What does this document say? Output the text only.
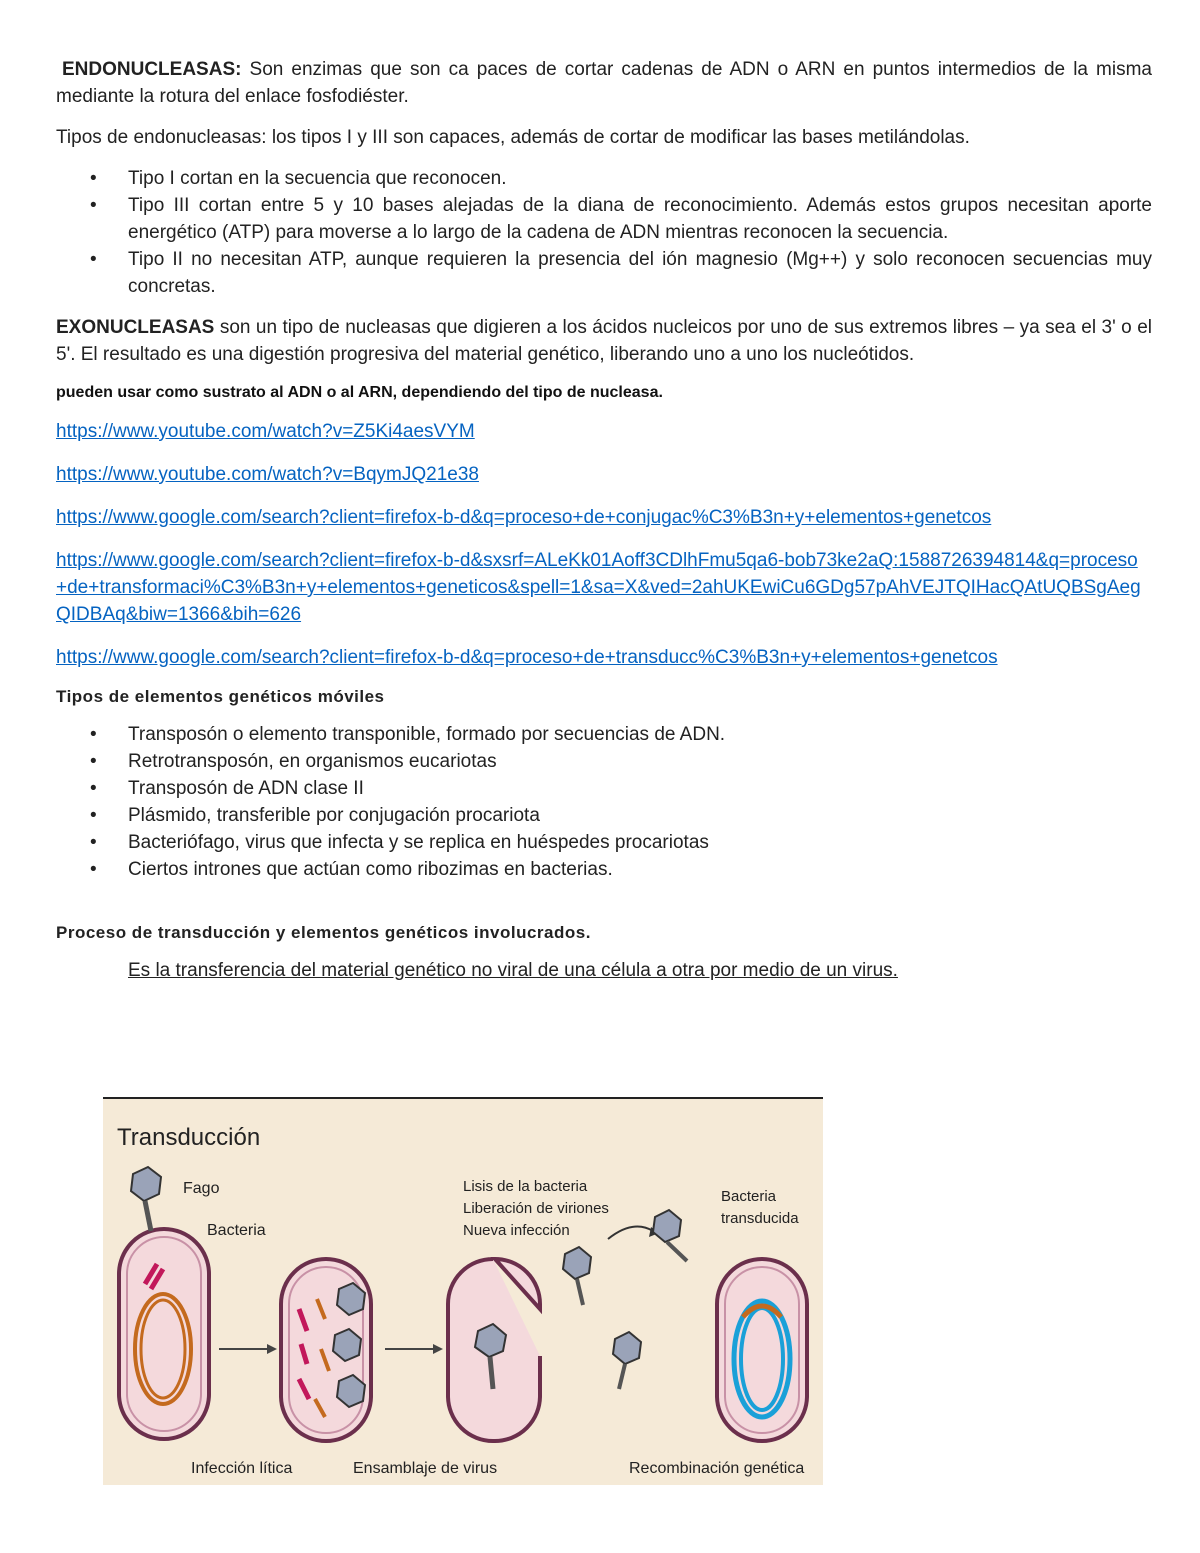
ENDONUCLEASAS: Son enzimas que son ca paces de cortar cadenas de ADN o ARN en puntos intermedios de la misma mediante la rotura del enlace fosfodiéster.

Tipos de endonucleasas: los tipos I y III son capaces, además de cortar de modificar las bases metilándolas.

• Tipo I cortan en la secuencia que reconocen.
• Tipo III cortan entre 5 y 10 bases alejadas de la diana de reconocimiento. Además estos grupos necesitan aporte energético (ATP) para moverse a lo largo de la cadena de ADN mientras reconocen la secuencia.
• Tipo II no necesitan ATP, aunque requieren la presencia del ión magnesio (Mg++) y solo reconocen secuencias muy concretas.

EXONUCLEASAS son un tipo de nucleasas que digieren a los ácidos nucleicos por uno de sus extremos libres – ya sea el 3' o el 5'. El resultado es una digestión progresiva del material genético, liberando uno a uno los nucleótidos.

pueden usar como sustrato al ADN o al ARN, dependiendo del tipo de nucleasa.
https://www.youtube.com/watch?v=Z5Ki4aesVYM
https://www.youtube.com/watch?v=BqymJQ21e38
https://www.google.com/search?client=firefox-b-d&q=proceso+de+conjugac%C3%B3n+y+elementos+genetcos
https://www.google.com/search?client=firefox-b-d&sxsrf=ALeKk01Aoff3CDlhFmu5qa6-bob73ke2aQ:1588726394814&q=proceso+de+transformaci%C3%B3n+y+elementos+geneticos&spell=1&sa=X&ved=2ahUKEwiCu6GDg57pAhVEJTQIHacQAtUQBSgAegQIDBAq&biw=1366&bih=626
https://www.google.com/search?client=firefox-b-d&q=proceso+de+transducc%C3%B3n+y+elementos+genetcos
Tipos de elementos genéticos móviles
• Transposón o elemento transponible, formado por secuencias de ADN.
• Retrotransposón, en organismos eucariotas
• Transposón de ADN clase II
• Plásmido, transferible por conjugación procariota
• Bacteriófago, virus que infecta y se replica en huéspedes procariotas
• Ciertos intrones que actúan como ribozimas en bacterias.
Proceso de transducción y elementos genéticos involucrados.
Es la transferencia del material genético no viral de una célula a otra por medio de un virus.
Transducción
Fago
Bacteria
Lisis de la bacteria
Liberación de viriones
Nueva infección
Bacteria
transducida
Infección lítica	Ensamblaje de virus	Recombinación genética
